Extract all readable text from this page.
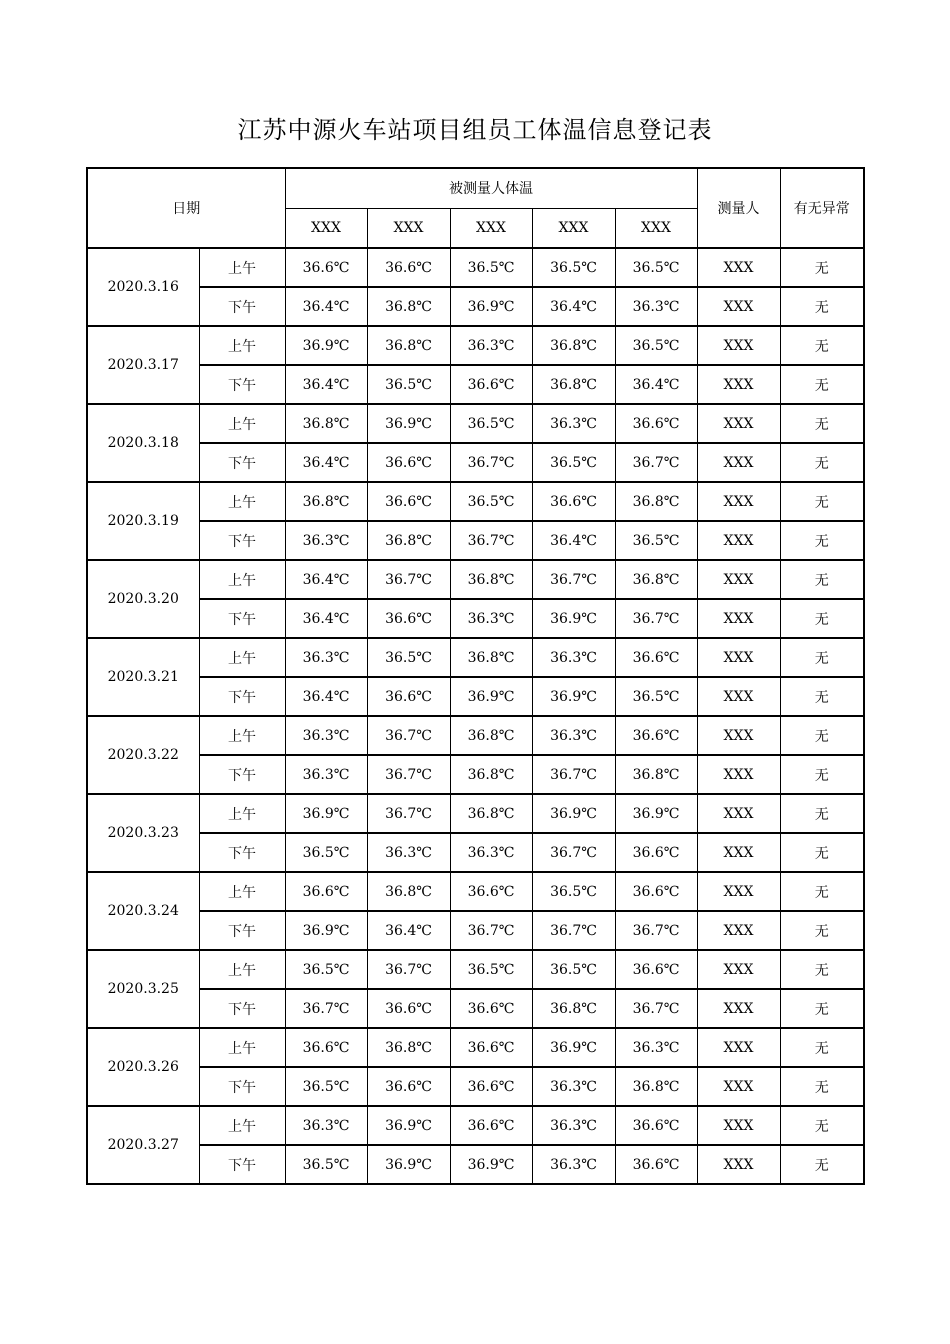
江苏中源火车站项目组员工体温信息登记表
日期		被测量人体温					测量人	有无异常
		XXX	XXX	XXX	XXX	XXX		
2020.3.16	上午	36.6℃	36.6℃	36.5℃	36.5℃	36.5℃	XXX	无
	下午	36.4℃	36.8℃	36.9℃	36.4℃	36.3℃	XXX	无
2020.3.17	上午	36.9℃	36.8℃	36.3℃	36.8℃	36.5℃	XXX	无
	下午	36.4℃	36.5℃	36.6℃	36.8℃	36.4℃	XXX	无
2020.3.18	上午	36.8℃	36.9℃	36.5℃	36.3℃	36.6℃	XXX	无
	下午	36.4℃	36.6℃	36.7℃	36.5℃	36.7℃	XXX	无
2020.3.19	上午	36.8℃	36.6℃	36.5℃	36.6℃	36.8℃	XXX	无
	下午	36.3℃	36.8℃	36.7℃	36.4℃	36.5℃	XXX	无
2020.3.20	上午	36.4℃	36.7℃	36.8℃	36.7℃	36.8℃	XXX	无
	下午	36.4℃	36.6℃	36.3℃	36.9℃	36.7℃	XXX	无
2020.3.21	上午	36.3℃	36.5℃	36.8℃	36.3℃	36.6℃	XXX	无
	下午	36.4℃	36.6℃	36.9℃	36.9℃	36.5℃	XXX	无
2020.3.22	上午	36.3℃	36.7℃	36.8℃	36.3℃	36.6℃	XXX	无
	下午	36.3℃	36.7℃	36.8℃	36.7℃	36.8℃	XXX	无
2020.3.23	上午	36.9℃	36.7℃	36.8℃	36.9℃	36.9℃	XXX	无
	下午	36.5℃	36.3℃	36.3℃	36.7℃	36.6℃	XXX	无
2020.3.24	上午	36.6℃	36.8℃	36.6℃	36.5℃	36.6℃	XXX	无
	下午	36.9℃	36.4℃	36.7℃	36.7℃	36.7℃	XXX	无
2020.3.25	上午	36.5℃	36.7℃	36.5℃	36.5℃	36.6℃	XXX	无
	下午	36.7℃	36.6℃	36.6℃	36.8℃	36.7℃	XXX	无
2020.3.26	上午	36.6℃	36.8℃	36.6℃	36.9℃	36.3℃	XXX	无
	下午	36.5℃	36.6℃	36.6℃	36.3℃	36.8℃	XXX	无
2020.3.27	上午	36.3℃	36.9℃	36.6℃	36.3℃	36.6℃	XXX	无
	下午	36.5℃	36.9℃	36.9℃	36.3℃	36.6℃	XXX	无
